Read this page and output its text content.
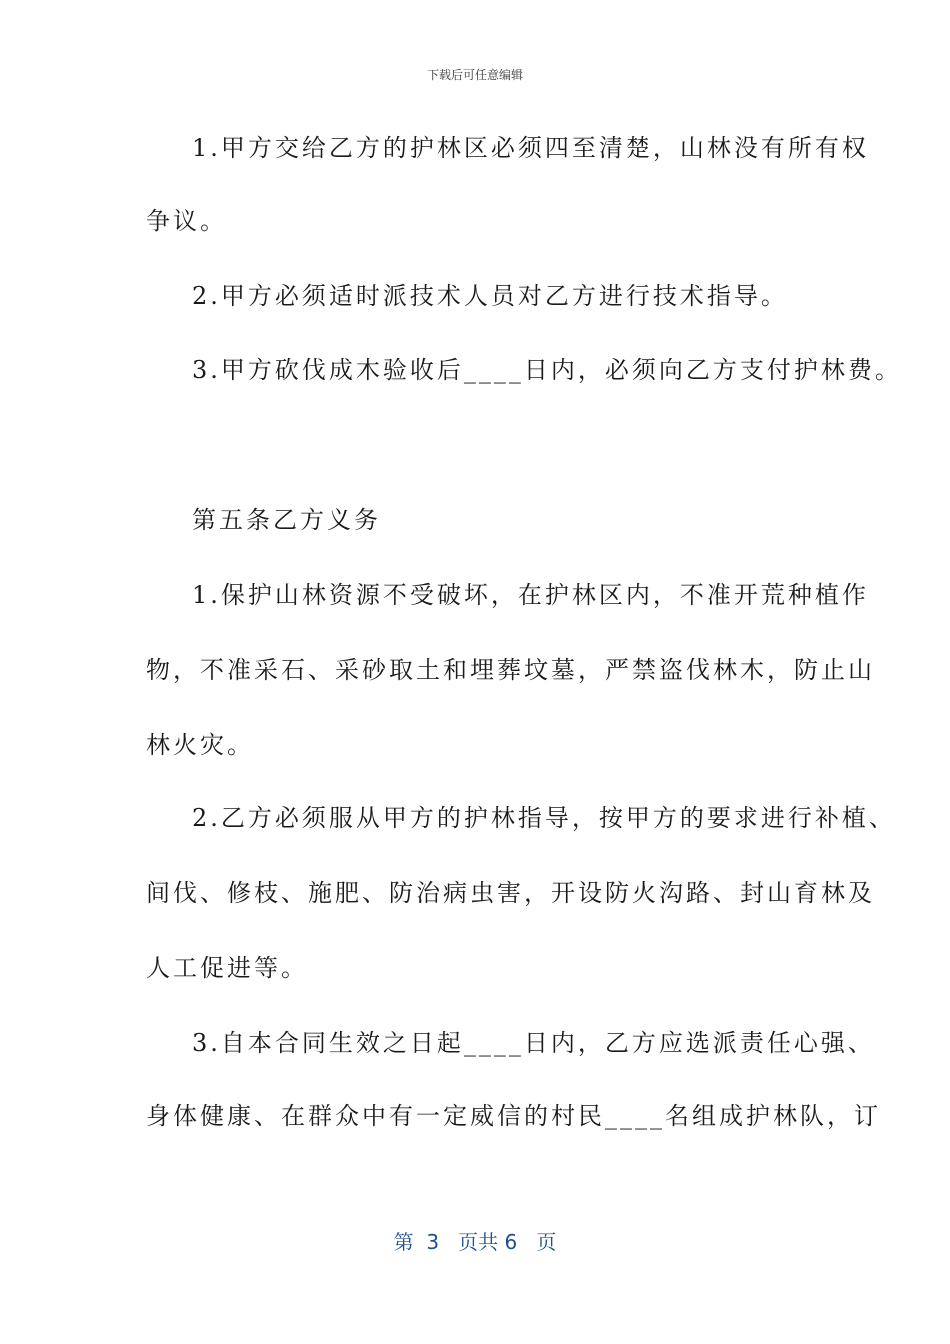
下载后可任意编辑
1.甲方交给乙方的护林区必须四至清楚，山林没有所有权
争议。
2.甲方必须适时派技术人员对乙方进行技术指导。
3.甲方砍伐成木验收后____日内，必须向乙方支付护林费。
第五条乙方义务
1.保护山林资源不受破坏，在护林区内，不准开荒种植作
物，不准采石、采砂取土和埋葬坟墓，严禁盗伐林木，防止山
林火灾。
2.乙方必须服从甲方的护林指导，按甲方的要求进行补植、
间伐、修枝、施肥、防治病虫害，开设防火沟路、封山育林及
人工促进等。
3.自本合同生效之日起____日内，乙方应选派责任心强、
身体健康、在群众中有一定威信的村民____名组成护林队，订
第  3   页共 6   页
